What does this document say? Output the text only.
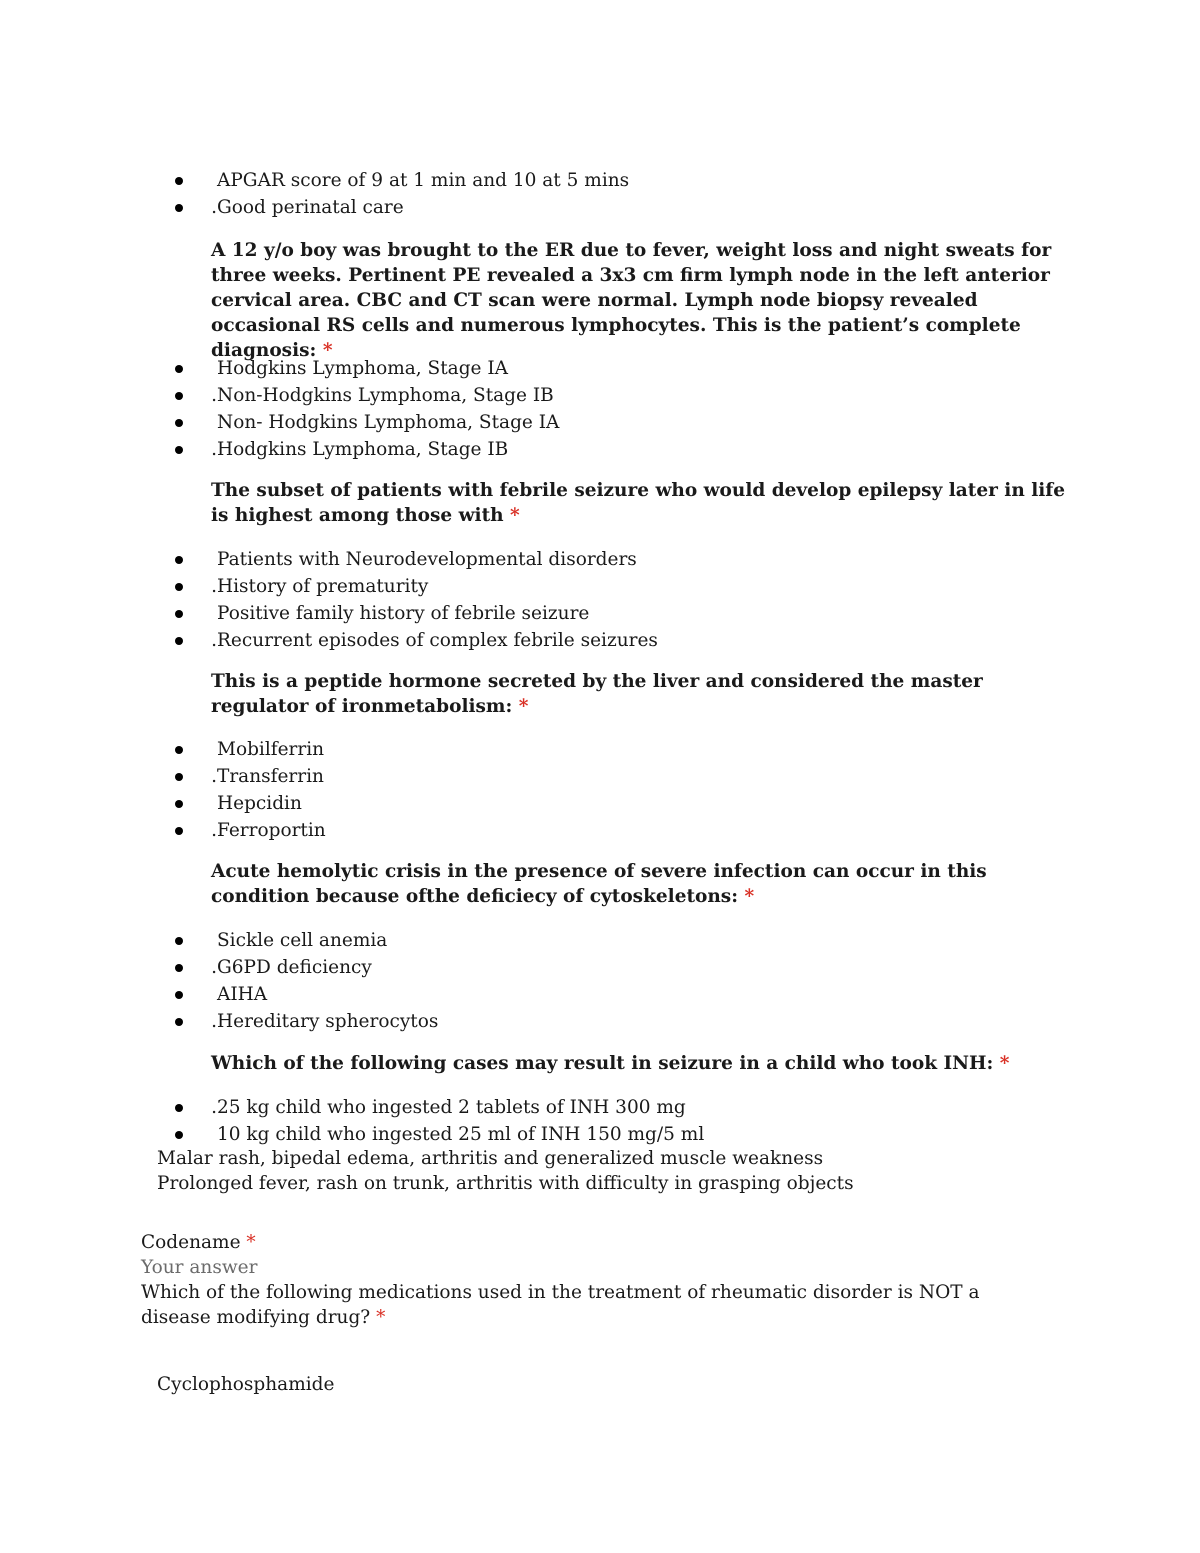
APGAR score of 9 at 1 min and 10 at 5 mins
.Good perinatal care
A 12 y/o boy was brought to the ER due to fever, weight loss and night sweats for three weeks. Pertinent PE revealed a 3x3 cm firm lymph node in the left anterior cervical area. CBC and CT scan were normal. Lymph node biopsy revealed occasional RS cells and numerous lymphocytes. This is the patient’s complete diagnosis: *
Hodgkins Lymphoma, Stage IA
.Non-Hodgkins Lymphoma, Stage IB
Non- Hodgkins Lymphoma, Stage IA
.Hodgkins Lymphoma, Stage IB
The subset of patients with febrile seizure who would develop epilepsy later in life is highest among those with *
Patients with Neurodevelopmental disorders
.History of prematurity
Positive family history of febrile seizure
.Recurrent episodes of complex febrile seizures
This is a peptide hormone secreted by the liver and considered the master regulator of ironmetabolism: *
Mobilferrin
.Transferrin
Hepcidin
.Ferroportin
Acute hemolytic crisis in the presence of severe infection can occur in this condition because ofthe deficiecy of cytoskeletons: *
Sickle cell anemia
.G6PD deficiency
AIHA
.Hereditary spherocytos
Which of the following cases may result in seizure in a child who took INH: *
.25 kg child who ingested 2 tablets of INH 300 mg
10 kg child who ingested 25 ml of INH 150 mg/5 ml
Malar rash, bipedal edema, arthritis and generalized muscle weakness
Prolonged fever, rash on trunk, arthritis with difficulty in grasping objects
Codename *
Your answer
Which of the following medications used in the treatment of rheumatic disorder is NOT a disease modifying drug? *
Cyclophosphamide
